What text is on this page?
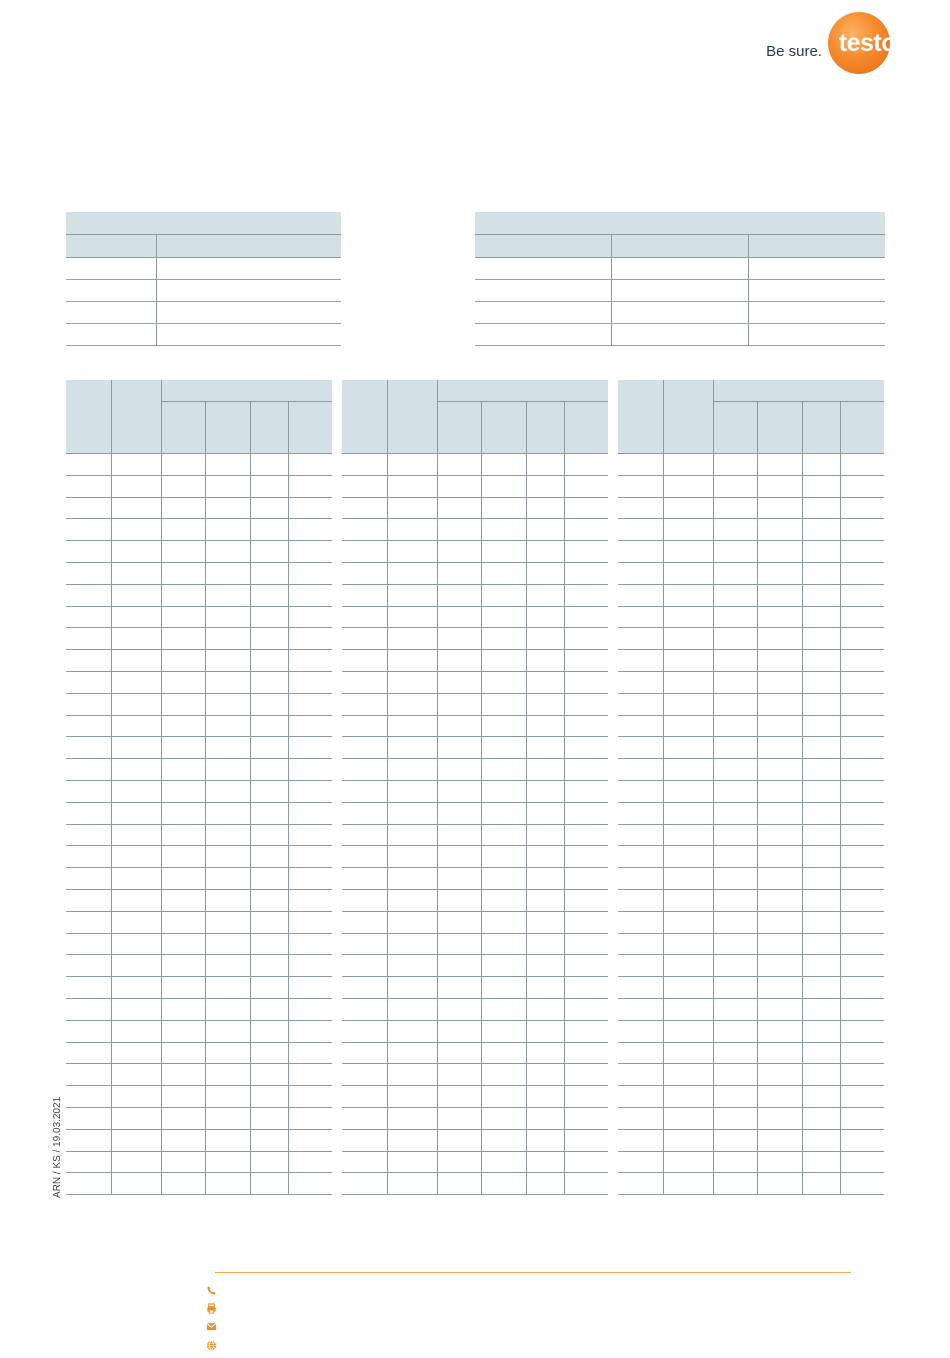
Be sure. testo

ARN / KS / 19.03.2021
